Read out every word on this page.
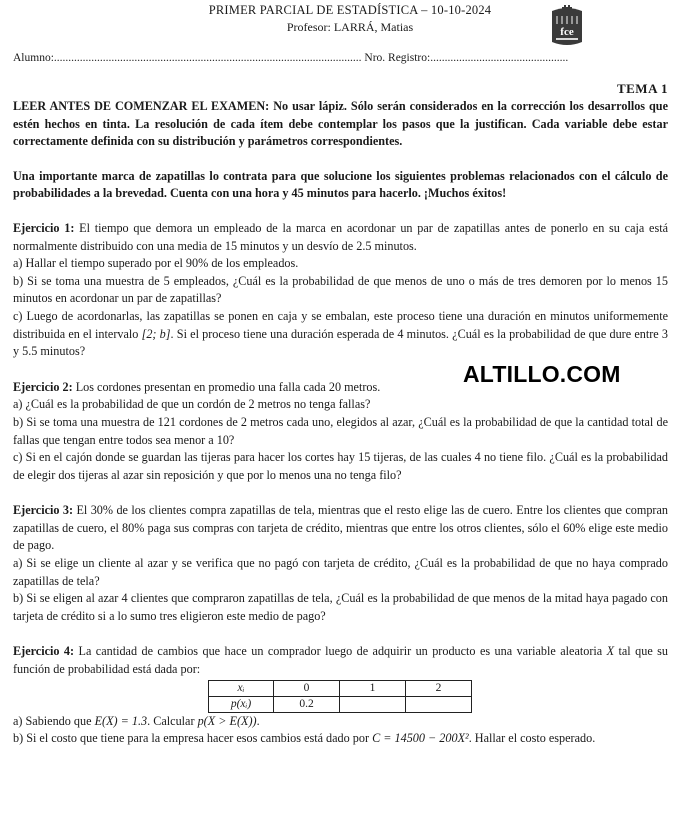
PRIMER PARCIAL DE ESTADÍSTICA – 10-10-2024
Profesor: LARRÁ, Matias	fce
Alumno:........................................................................................................... Nro. Registro:................................................
TEMA 1
ALTILLO.COM

LEER ANTES DE COMENZAR EL EXAMEN: No usar lápiz. Sólo serán considerados en la corrección los desarrollos que estén hechos en tinta. La resolución de cada ítem debe contemplar los pasos que la justifican. Cada variable debe estar correctamente definida con su distribución y parámetros correspondientes.

Una importante marca de zapatillas lo contrata para que solucione los siguientes problemas relacionados con el cálculo de probabilidades a la brevedad. Cuenta con una hora y 45 minutos para hacerlo. ¡Muchos éxitos!

Ejercicio 1: El tiempo que demora un empleado de la marca en acordonar un par de zapatillas antes de ponerlo en su caja está normalmente distribuido con una media de 15 minutos y un desvío de 2.5 minutos.

a) Hallar el tiempo superado por el 90% de los empleados.

b) Si se toma una muestra de 5 empleados, ¿Cuál es la probabilidad de que menos de uno o más de tres demoren por lo menos 15 minutos en acordonar un par de zapatillas?

c) Luego de acordonarlas, las zapatillas se ponen en caja y se embalan, este proceso tiene una duración en minutos uniformemente distribuida en el intervalo [2; b]. Si el proceso tiene una duración esperada de 4 minutos. ¿Cuál es la probabilidad de que dure entre 3 y 5.5 minutos?

Ejercicio 2: Los cordones presentan en promedio una falla cada 20 metros.

a) ¿Cuál es la probabilidad de que un cordón de 2 metros no tenga fallas?

b) Si se toma una muestra de 121 cordones de 2 metros cada uno, elegidos al azar, ¿Cuál es la probabilidad de que la cantidad total de fallas que tengan entre todos sea menor a 10?

c) Si en el cajón donde se guardan las tijeras para hacer los cortes hay 15 tijeras, de las cuales 4 no tiene filo. ¿Cuál es la probabilidad de elegir dos tijeras al azar sin reposición y que por lo menos una no tenga filo?

Ejercicio 3: El 30% de los clientes compra zapatillas de tela, mientras que el resto elige las de cuero. Entre los clientes que compran zapatillas de cuero, el 80% paga sus compras con tarjeta de crédito, mientras que entre los otros clientes, sólo el 60% elige este medio de pago.

a) Si se elige un cliente al azar y se verifica que no pagó con tarjeta de crédito, ¿Cuál es la probabilidad de que no haya comprado zapatillas de tela?

b) Si se eligen al azar 4 clientes que compraron zapatillas de tela, ¿Cuál es la probabilidad de que menos de la mitad haya pagado con tarjeta de crédito si a lo sumo tres eligieron este medio de pago?

Ejercicio 4: La cantidad de cambios que hace un comprador luego de adquirir un producto es una variable aleatoria X tal que su función de probabilidad está dada por:

xᵢ	0	1	2
p(xᵢ)	0.2		

a) Sabiendo que E(X) = 1.3. Calcular p(X > E(X)).

b) Si el costo que tiene para la empresa hacer esos cambios está dado por C = 14500 − 200X². Hallar el costo esperado.
